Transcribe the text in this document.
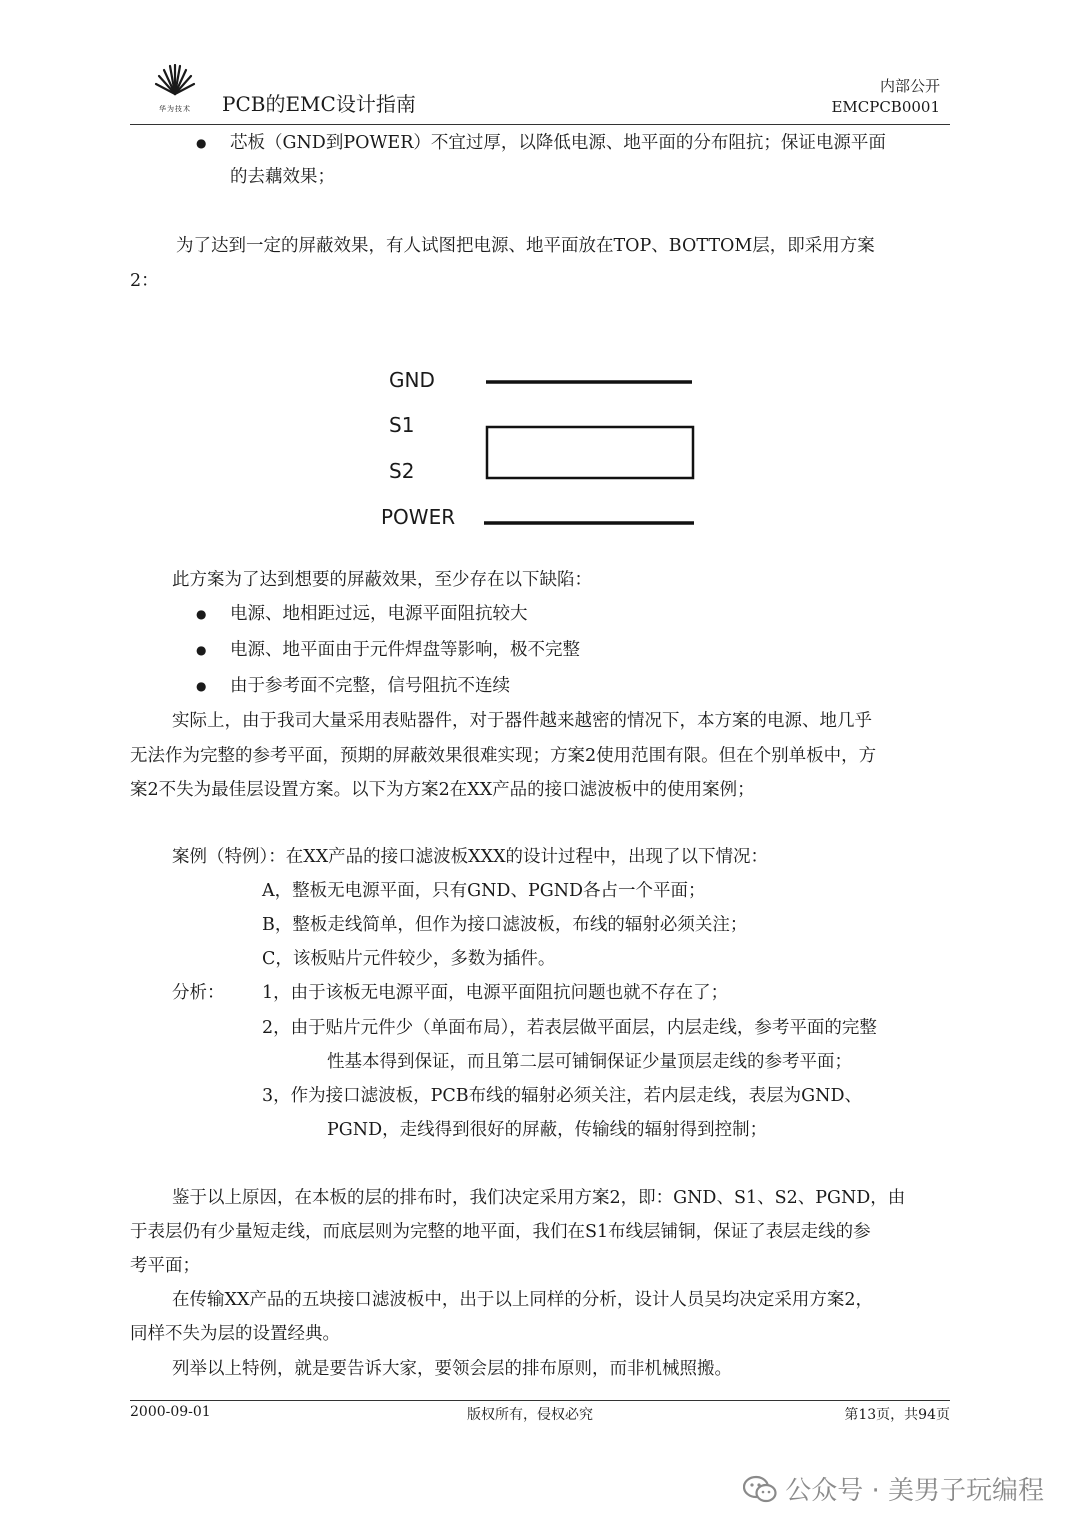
华为技术	PCB的EMC设计指南
内部公开
EMCPCB0001
● 芯板（GND到POWER）不宜过厚，以降低电源、地平面的分布阻抗；保证电源平面
的去藕效果；
为了达到一定的屏蔽效果，有人试图把电源、地平面放在TOP、BOTTOM层，即采用方案
2：
GND
S1
S2
POWER
此方案为了达到想要的屏蔽效果，至少存在以下缺陷：
● 电源、地相距过远，电源平面阻抗较大
● 电源、地平面由于元件焊盘等影响，极不完整
● 由于参考面不完整，信号阻抗不连续
实际上，由于我司大量采用表贴器件，对于器件越来越密的情况下，本方案的电源、地几乎
无法作为完整的参考平面，预期的屏蔽效果很难实现；方案2使用范围有限。但在个别单板中，方
案2不失为最佳层设置方案。以下为方案2在XX产品的接口滤波板中的使用案例；
案例（特例）：在XX产品的接口滤波板XXX的设计过程中，出现了以下情况：
A，整板无电源平面，只有GND、PGND各占一个平面；
B，整板走线简单，但作为接口滤波板，布线的辐射必须关注；
C，该板贴片元件较少，多数为插件。
分析： 1，由于该板无电源平面，电源平面阻抗问题也就不存在了；
2，由于贴片元件少（单面布局），若表层做平面层，内层走线，参考平面的完整
性基本得到保证，而且第二层可铺铜保证少量顶层走线的参考平面；
3，作为接口滤波板，PCB布线的辐射必须关注，若内层走线，表层为GND、
PGND，走线得到很好的屏蔽，传输线的辐射得到控制；
鉴于以上原因，在本板的层的排布时，我们决定采用方案2，即：GND、S1、S2、PGND，由
于表层仍有少量短走线，而底层则为完整的地平面，我们在S1布线层铺铜，保证了表层走线的参
考平面；
在传输XX产品的五块接口滤波板中，出于以上同样的分析，设计人员吴均决定采用方案2，
同样不失为层的设置经典。
列举以上特例，就是要告诉大家，要领会层的排布原则，而非机械照搬。
2000-09-01	版权所有，侵权必究	第13页，共94页
公众号 · 美男子玩编程
